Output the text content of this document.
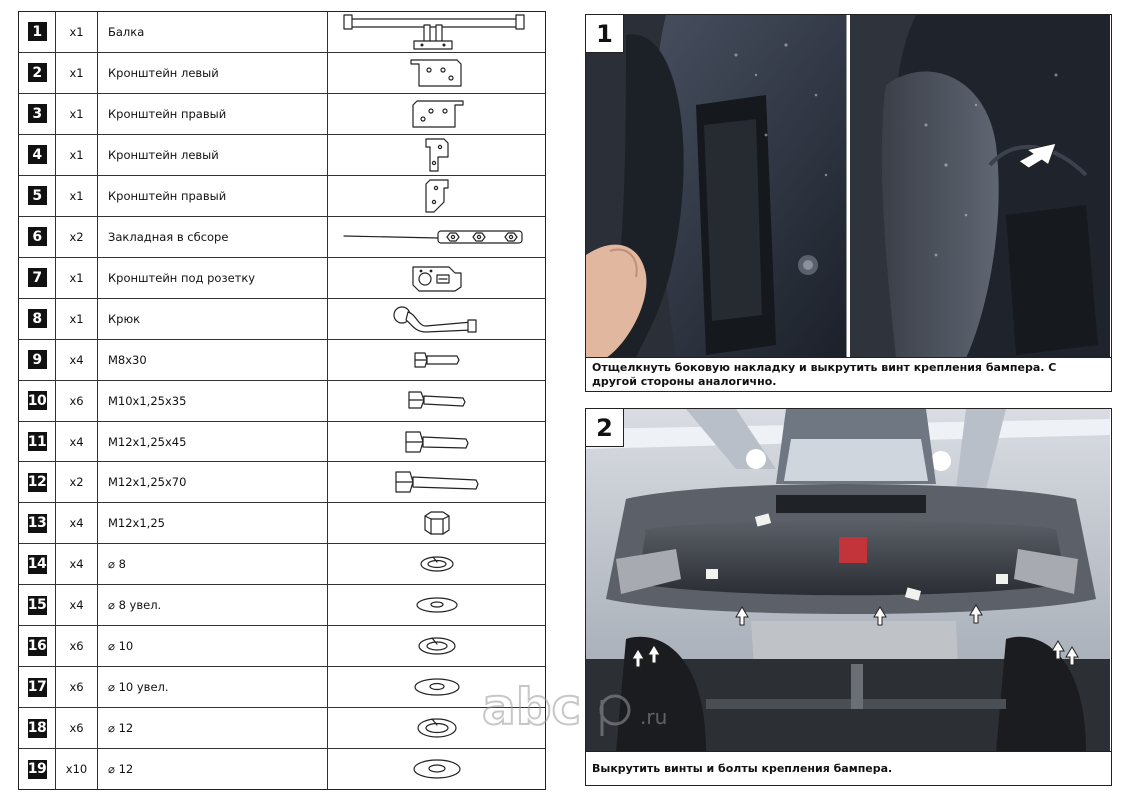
1	x1	Балка
2	x1	Кронштейн левый
3	x1	Кронштейн правый
4	x1	Кронштейн левый
5	x1	Кронштейн правый
6	x2	Закладная в сбсоре
7	x1	Кронштейн под розетку
8	x1	Крюк
9	x4	M8x30
10	x6	M10x1,25x35
11	x4	M12x1,25x45
12	x2	M12x1,25x70
13	x4	M12x1,25
14	x4	⌀ 8
15	x4	⌀ 8 увел.
16	x6	⌀ 10
17	x6	⌀ 10 увел.
18	x6	⌀ 12
19	x10	⌀ 12
1
Отщелкнуть боковую накладку и выкрутить винт крепления бампера. С другой стороны аналогично.
2
Выкрутить винты и болты крепления бампера.
abc	.ru
